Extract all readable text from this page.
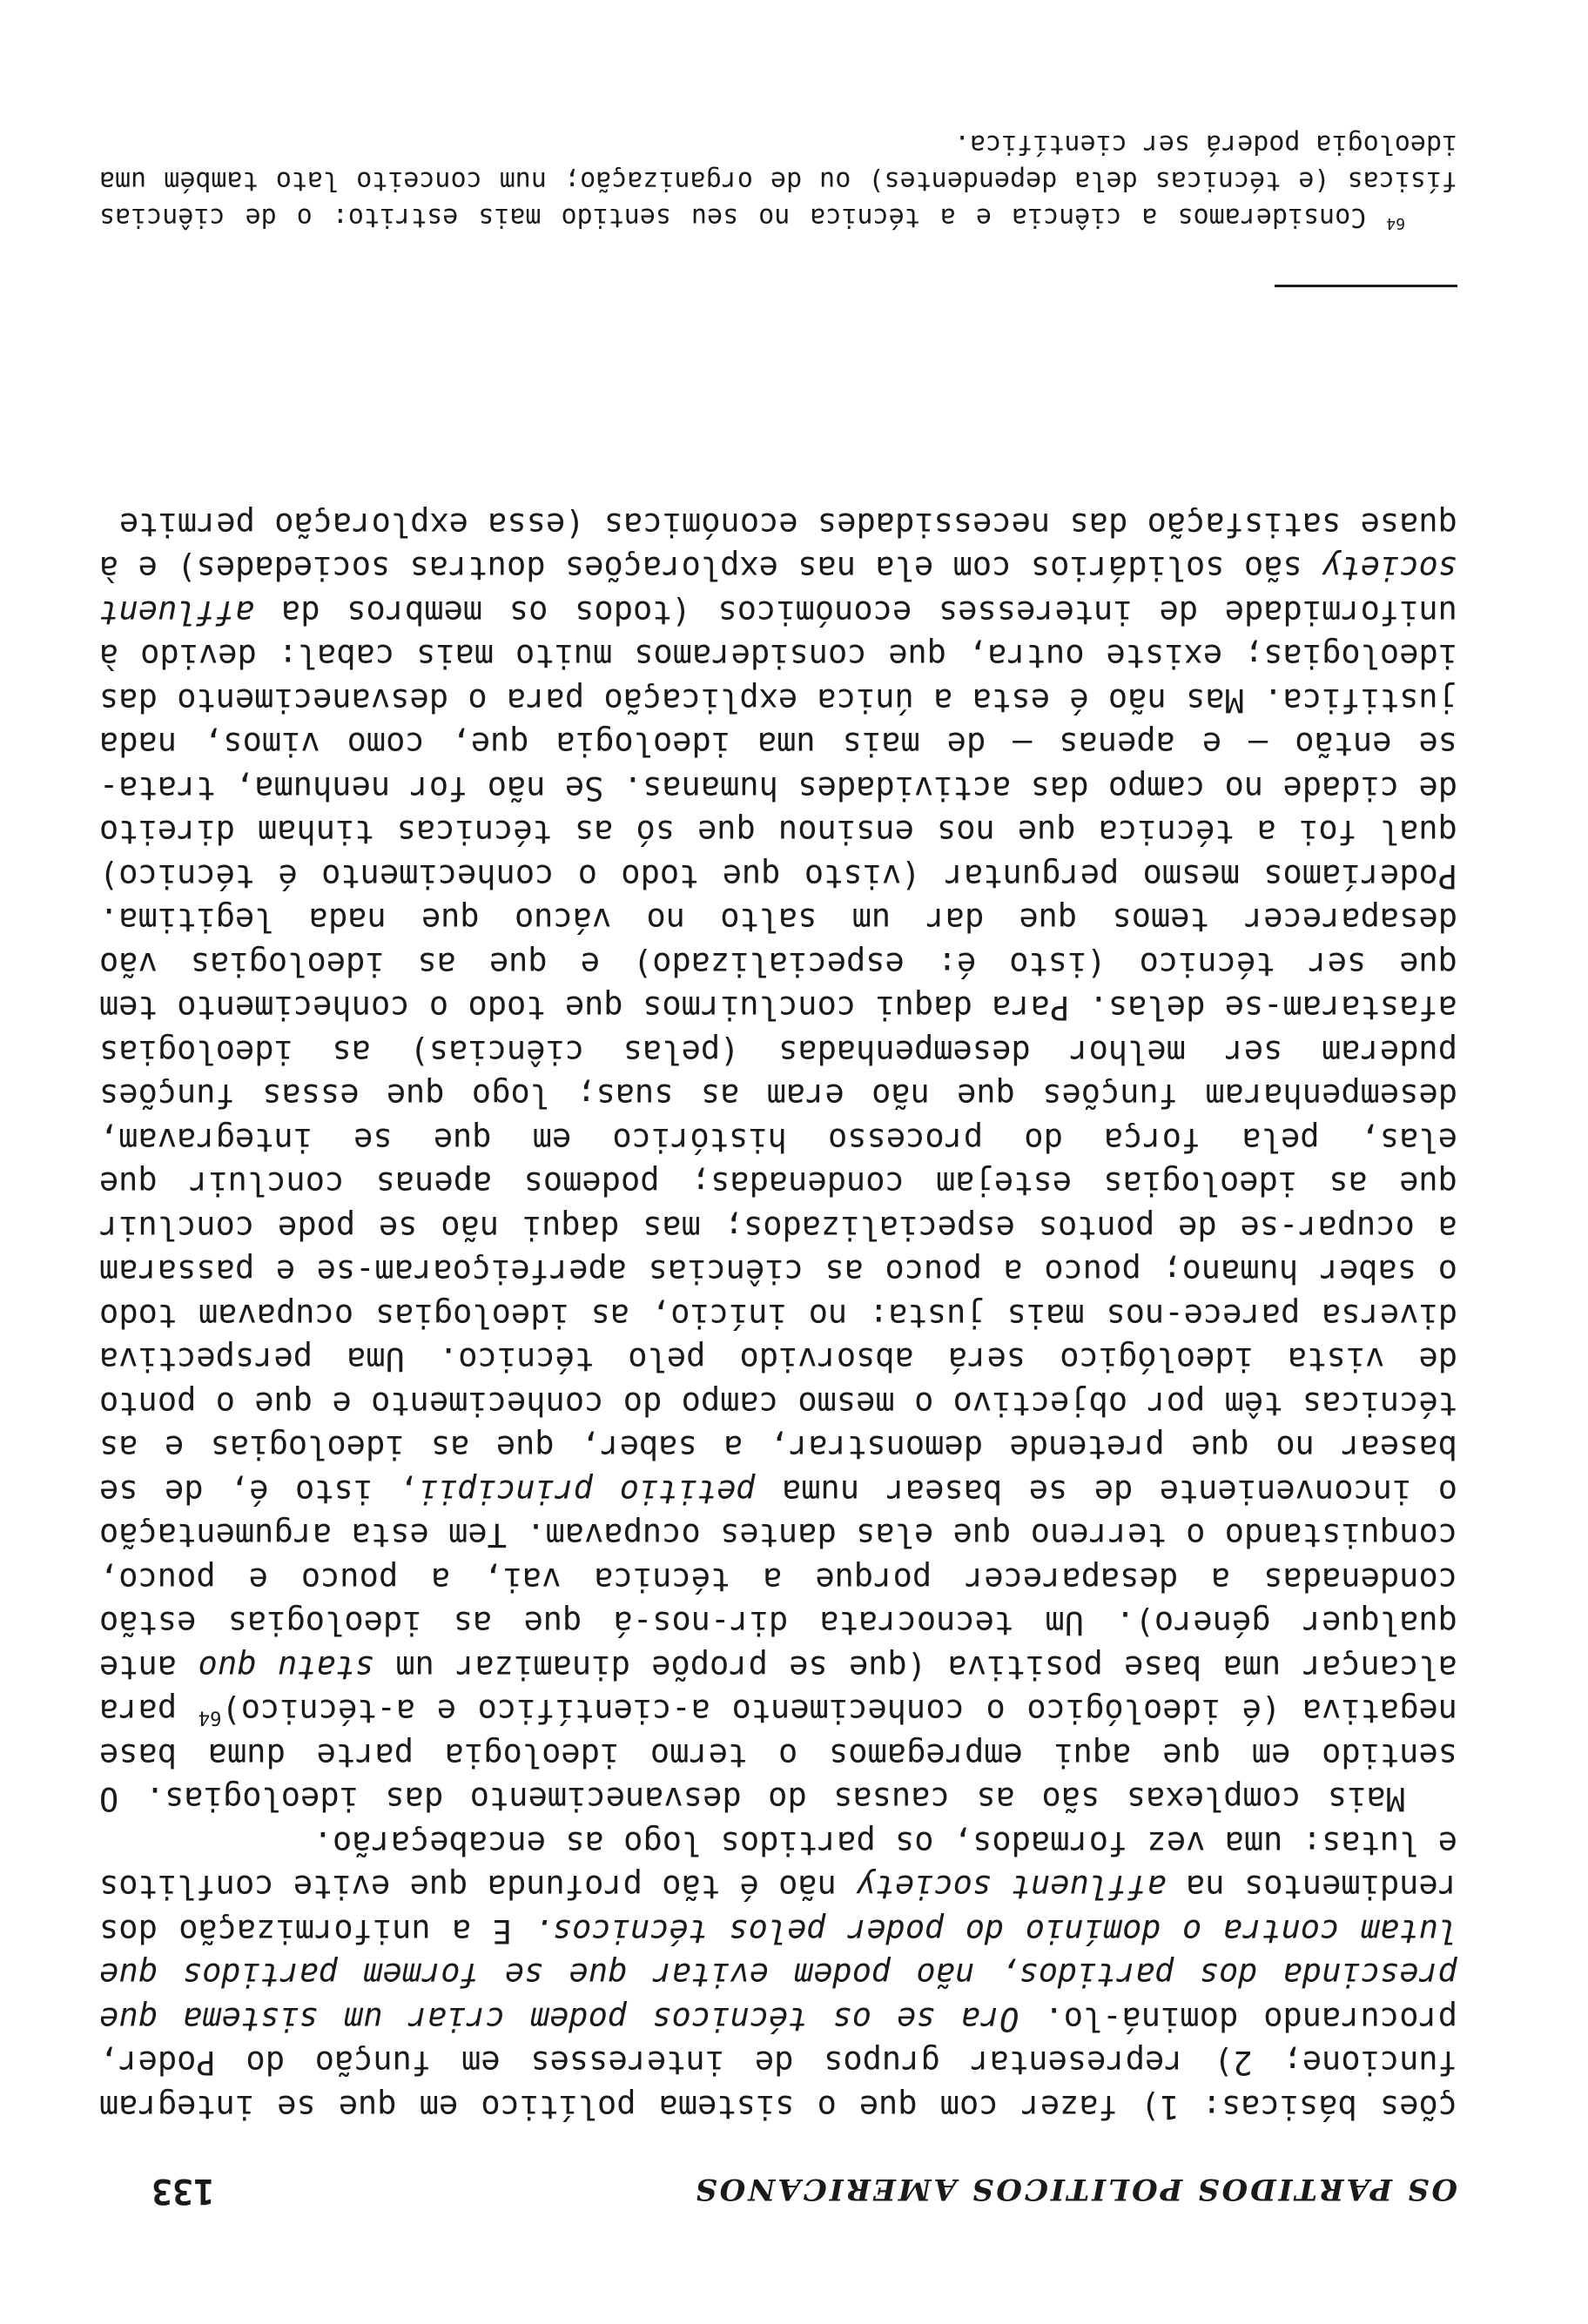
OS PARTIDOS POLITICOS AMERICANOS
133

ções básicas: 1) fazer com que o sistema político em que se integram funcione; 2) representar grupos de interesses em função do Poder, procurando dominá-lo. Ora se os técnicos podem criar um sistema que prescinda dos partidos, não podem evitar que se formem partidos que lutam contra o domínio do poder pelos técnicos. E a uniformização dos rendimentos na affluent society não é tão profunda que evite conflitos e lutas: uma vez formados, os partidos logo as encabeçarão.

Mais complexas são as causas do desvanecimento das ideologias. O sentido em que aqui empregamos o termo ideologia parte duma base negativa (é ideológico o conhecimento a-científico e a-técnico)$^{64}$ para alcançar uma base positiva (que se propõe dinamizar um statu quo ante qualquer género). Um tecnocrata dir-nos-á que as ideologias estão condenadas a desaparecer porque a técnica vai, a pouco e pouco, conquistando o terreno que elas dantes ocupavam. Tem esta argumentação o inconveniente de se basear numa petitio principii, isto é, de se basear no que pretende demonstrar, a saber, que as ideologias e as técnicas têm por objectivo o mesmo campo do conhecimento e que o ponto de vista ideológico será absorvido pelo técnico. Uma perspectiva diversa parece-nos mais justa: no início, as ideologias ocupavam todo o saber humano; pouco a pouco as ciências aperfeiçoaram-se e passaram a ocupar-se de pontos especializados; mas daqui não se pode concluir que as ideologias estejam condenadas; podemos apenas concluir que elas, pela força do processo histórico em que se integravam, desempenharam funções que não eram as suas; logo que essas funções puderam ser melhor desempenhadas (pelas ciências) as ideologias afastaram-se delas. Para daqui concluirmos que todo o conhecimento tem que ser técnico (isto é: especializado) e que as ideologias vão desaparecer temos que dar um salto no vácuo que nada legitima. Poderíamos mesmo perguntar (visto que todo o conhecimento é técnico) qual foi a técnica que nos ensinou que só as técnicas tinham direito de cidade no campo das actividades humanas. Se não for nenhuma, trata-se então — e apenas — de mais uma ideologia que, como vimos, nada justifica. Mas não é esta a única explicação para o desvanecimento das ideologias; existe outra, que consideramos muito mais cabal: devido à uniformidade de interesses económicos (todos os membros da affluent society são solidários com ela nas explorações doutras sociedades) e à quase satisfação das necessidades económicas (essa exploração permite

$^{64}$ Consideramos a ciência e a técnica no seu sentido mais estrito: o de ciências físicas (e técnicas dela dependentes) ou de organização; num conceito lato também uma ideologia poderá ser científica.
